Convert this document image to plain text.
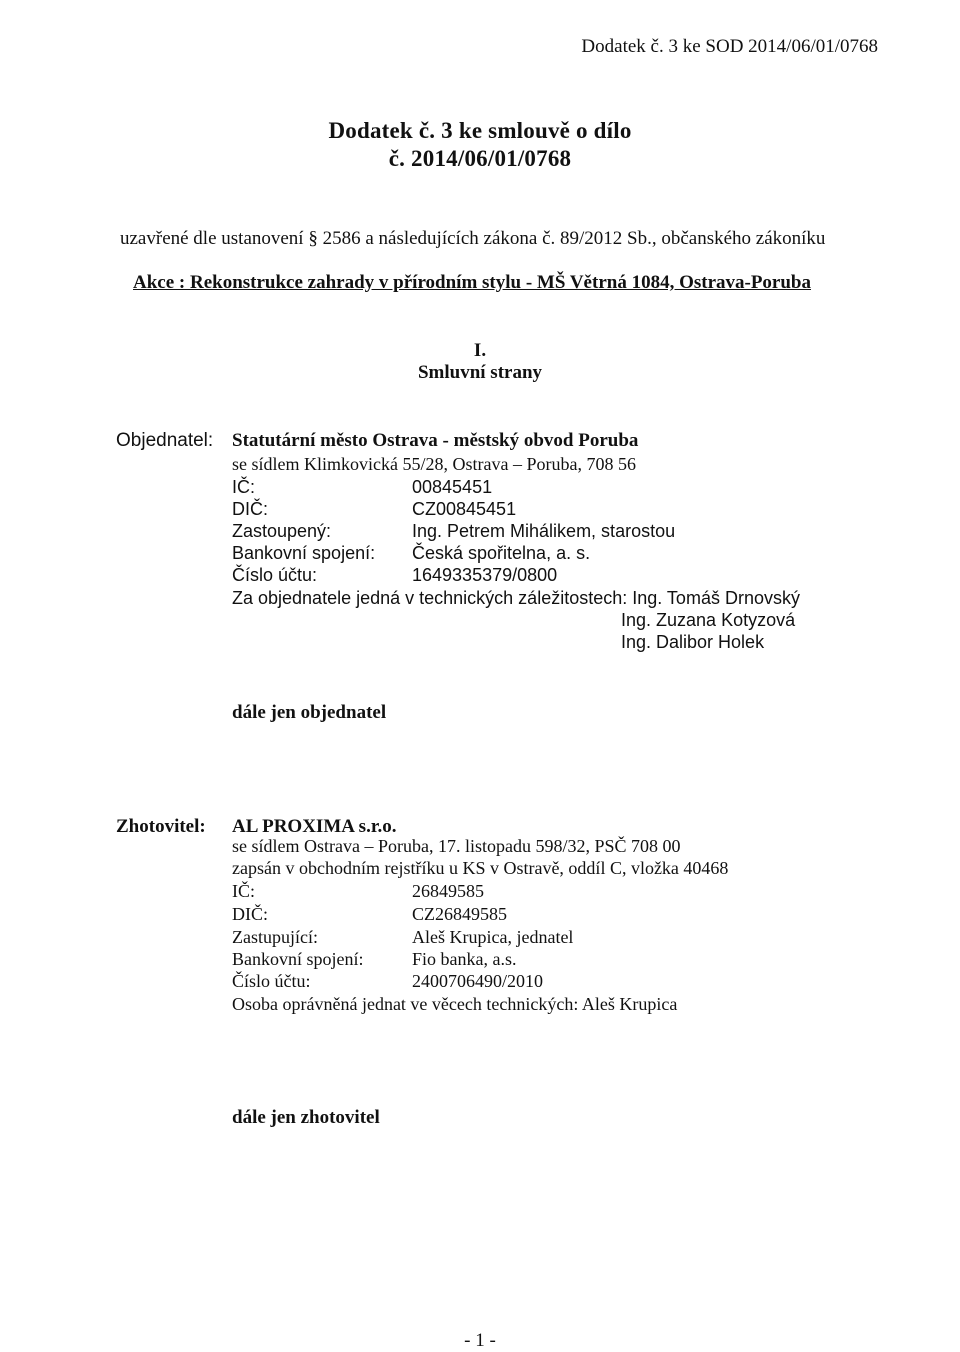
Dodatek č. 3 ke SOD 2014/06/01/0768
Dodatek č. 3 ke smlouvě o dílo
č. 2014/06/01/0768
uzavřené dle ustanovení § 2586 a následujících zákona č. 89/2012 Sb., občanského zákoníku
Akce : Rekonstrukce zahrady v přírodním stylu - MŠ Větrná 1084, Ostrava-Poruba
I.
Smluvní strany
Objednatel: Statutární město Ostrava - městský obvod Poruba
se sídlem Klimkovická 55/28, Ostrava – Poruba, 708 56
IČ:	00845451
DIČ:	CZ00845451
Zastoupený:	Ing. Petrem Mihálikem, starostou
Bankovní spojení: Česká spořitelna, a. s.
Číslo účtu:	1649335379/0800
Za objednatele jedná v technických záležitostech: Ing. Tomáš Drnovský
Ing. Zuzana Kotyzová
Ing. Dalibor Holek
dále jen objednatel
Zhotovitel: AL PROXIMA s.r.o.
se sídlem Ostrava – Poruba, 17. listopadu 598/32, PSČ 708 00
zapsán v obchodním rejstříku u KS v Ostravě, oddíl C, vložka 40468
IČ:	26849585
DIČ:	CZ26849585
Zastupující:	Aleš Krupica, jednatel
Bankovní spojení:	Fio banka, a.s.
Číslo účtu:	2400706490/2010
Osoba oprávněná jednat ve věcech technických: Aleš Krupica
dále jen zhotovitel
- 1 -
